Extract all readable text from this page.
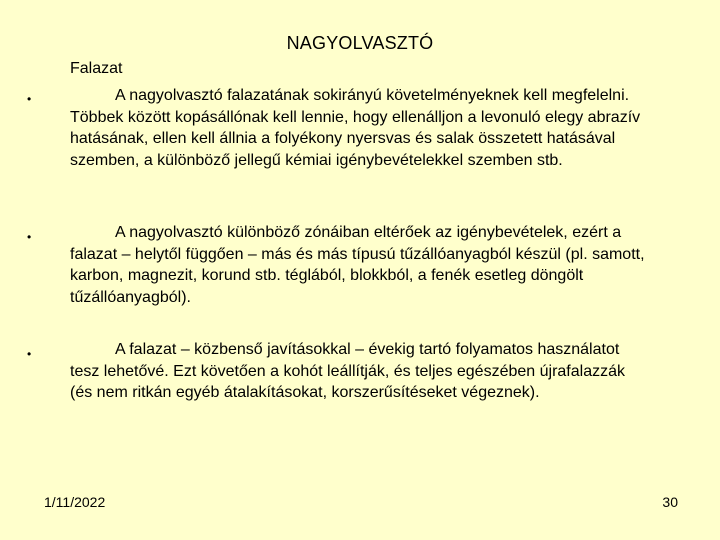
NAGYOLVASZTÓ
Falazat
•	A nagyolvasztó falazatának sokirányú követelményeknek kell megfelelni. Többek között kopásállónak kell lennie, hogy ellenálljon a levonuló elegy abrazív hatásának, ellen kell állnia a folyékony nyersvas és salak összetett hatásával szemben, a különböző jellegű kémiai igénybevételekkel szemben stb.
•	A nagyolvasztó különböző zónáiban eltérőek az igénybevételek, ezért a falazat – helytől függően – más és más típusú tűzállóanyagból készül (pl. samott, karbon, magnezit, korund stb. téglából, blokkból, a fenék esetleg döngölt tűzállóanyagból).
•	A falazat – közbenső javításokkal – évekig tartó folyamatos használatot tesz lehetővé. Ezt követően a kohót leállítják, és teljes egészében újrafalazzák (és nem ritkán egyéb átalakításokat, korszerűsítéseket végeznek).
1/11/2022	30
